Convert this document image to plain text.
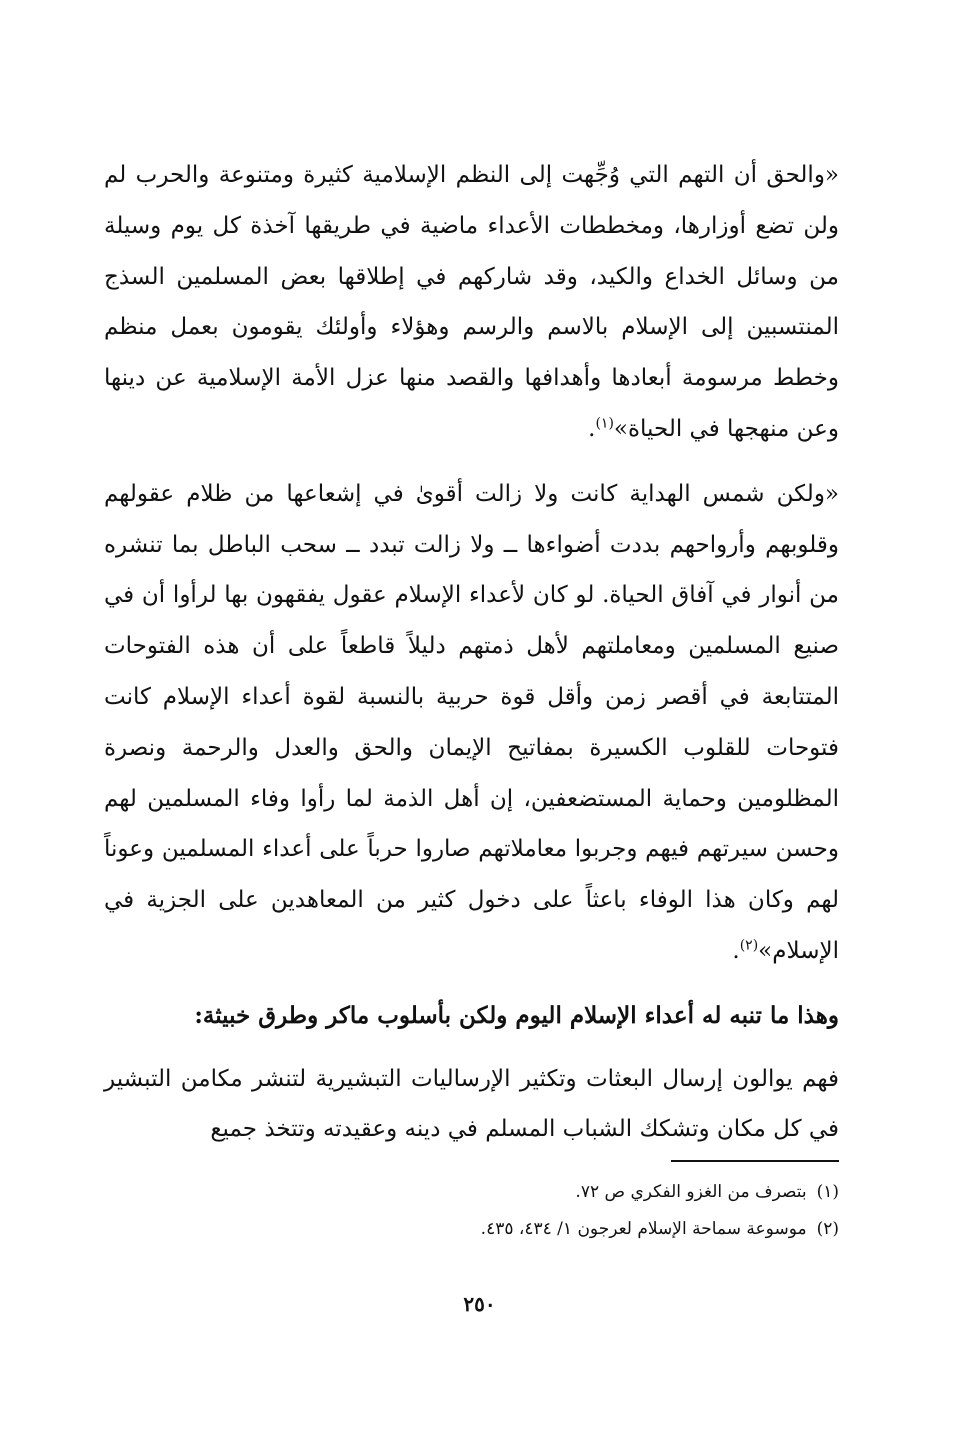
«والحق أن التهم التي وُجِّهت إلى النظم الإسلامية كثيرة ومتنوعة والحرب لم ولن تضع أوزارها، ومخططات الأعداء ماضية في طريقها آخذة كل يوم وسيلة من وسائل الخداع والكيد، وقد شاركهم في إطلاقها بعض المسلمين السذج المنتسبين إلى الإسلام بالاسم والرسم وهؤلاء وأولئك يقومون بعمل منظم وخطط مرسومة أبعادها وأهدافها والقصد منها عزل الأمة الإسلامية عن دينها وعن منهجها في الحياة»$^{(١)}$.

«ولكن شمس الهداية كانت ولا زالت أقوىٰ في إشعاعها من ظلام عقولهم وقلوبهم وأرواحهم بددت أضواءها ــ ولا زالت تبدد ــ سحب الباطل بما تنشره من أنوار في آفاق الحياة. لو كان لأعداء الإسلام عقول يفقهون بها لرأوا أن في صنيع المسلمين ومعاملتهم لأهل ذمتهم دليلاً قاطعاً على أن هذه الفتوحات المتتابعة في أقصر زمن وأقل قوة حربية بالنسبة لقوة أعداء الإسلام كانت فتوحات للقلوب الكسيرة بمفاتيح الإيمان والحق والعدل والرحمة ونصرة المظلومين وحماية المستضعفين، إن أهل الذمة لما رأوا وفاء المسلمين لهم وحسن سيرتهم فيهم وجربوا معاملاتهم صاروا حرباً على أعداء المسلمين وعوناً لهم وكان هذا الوفاء باعثاً على دخول كثير من المعاهدين على الجزية في الإسلام»$^{(٢)}$.

وهذا ما تنبه له أعداء الإسلام اليوم ولكن بأسلوب ماكر وطرق خبيثة:

فهم يوالون إرسال البعثات وتكثير الإرساليات التبشيرية لتنشر مكامن التبشير في كل مكان وتشكك الشباب المسلم في دينه وعقيدته وتتخذ جميع

(١)بتصرف من الغزو الفكري ص ٧٢.

(٢)موسوعة سماحة الإسلام لعرجون ١/ ٤٣٤، ٤٣٥.

٢٥٠
